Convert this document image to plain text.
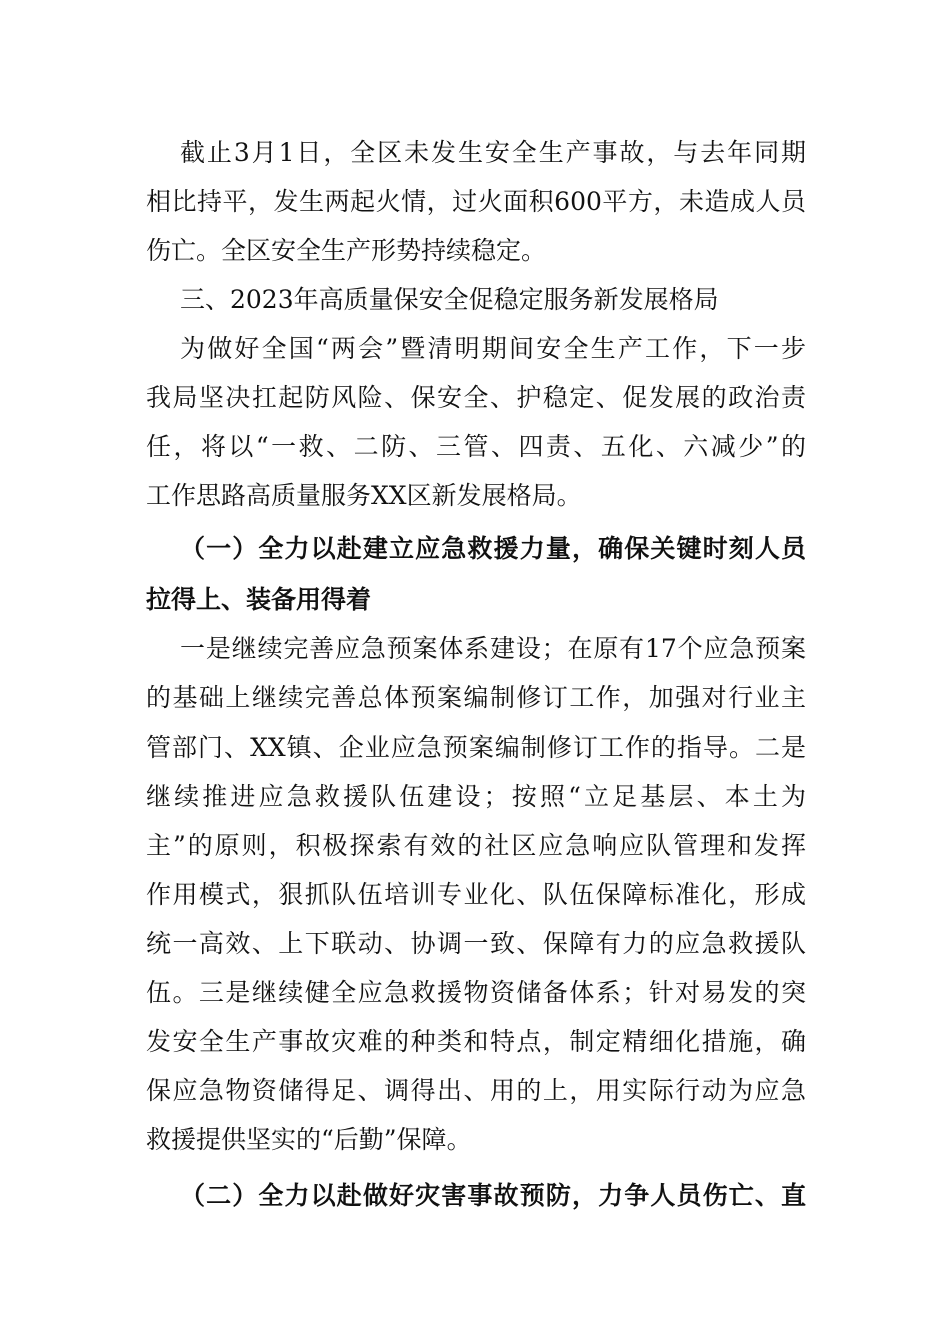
截止3月1日，全区未发生安全生产事故，与去年同期
相比持平，发生两起火情，过火面积600平方，未造成人员
伤亡。全区安全生产形势持续稳定。
三、2023年高质量保安全促稳定服务新发展格局
为做好全国“两会”暨清明期间安全生产工作，下一步
我局坚决扛起防风险、保安全、护稳定、促发展的政治责
任，将以“一救、二防、三管、四责、五化、六减少”的
工作思路高质量服务XX区新发展格局。
（一）全力以赴建立应急救援力量，确保关键时刻人员
拉得上、装备用得着
一是继续完善应急预案体系建设；在原有17个应急预案
的基础上继续完善总体预案编制修订工作，加强对行业主
管部门、XX镇、企业应急预案编制修订工作的指导。二是
继续推进应急救援队伍建设；按照“立足基层、本土为
主”的原则，积极探索有效的社区应急响应队管理和发挥
作用模式，狠抓队伍培训专业化、队伍保障标准化，形成
统一高效、上下联动、协调一致、保障有力的应急救援队
伍。三是继续健全应急救援物资储备体系；针对易发的突
发安全生产事故灾难的种类和特点，制定精细化措施，确
保应急物资储得足、调得出、用的上，用实际行动为应急
救援提供坚实的“后勤”保障。
（二）全力以赴做好灾害事故预防，力争人员伤亡、直
